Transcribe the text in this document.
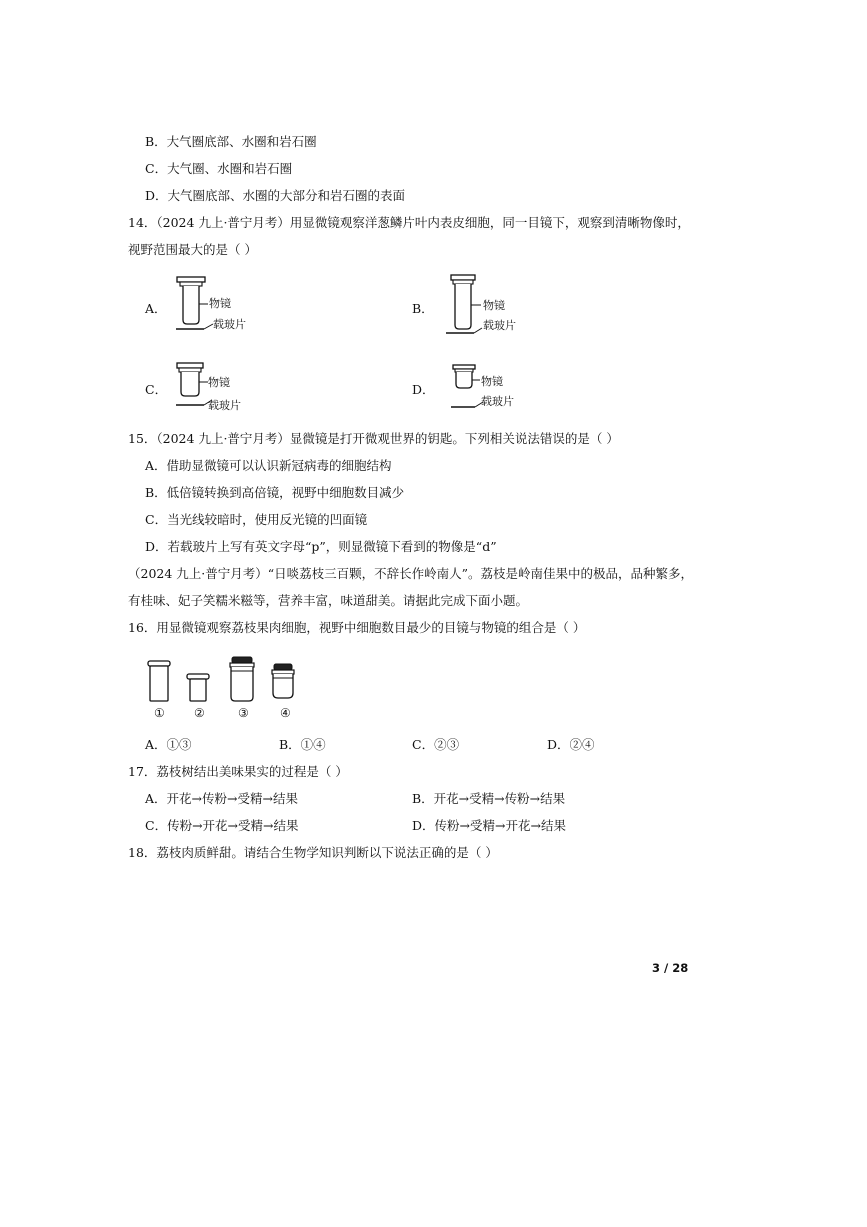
B．大气圈底部、水圈和岩石圈
C．大气圈、水圈和岩石圈
D．大气圈底部、水圈的大部分和岩石圈的表面
14．（2024 九上·普宁月考）用显微镜观察洋葱鳞片叶内表皮细胞，同一目镜下，观察到清晰物像时，
视野范围最大的是（ ）
A．	物镜
载玻片
B．	物镜
载玻片
C．	物镜
载玻片
D．
物镜
载玻片
15．（2024 九上·普宁月考）显微镜是打开微观世界的钥匙。下列相关说法错误的是（ ）
A．借助显微镜可以认识新冠病毒的细胞结构
B．低倍镜转换到高倍镜，视野中细胞数目减少
C．当光线较暗时，使用反光镜的凹面镜
D．若载玻片上写有英文字母“p”，则显微镜下看到的物像是“d”
（2024 九上·普宁月考）“日啖荔枝三百颗，不辞长作岭南人”。荔枝是岭南佳果中的极品，品种繁多，
有桂味、妃子笑糯米糍等，营养丰富，味道甜美。请据此完成下面小题。
16．用显微镜观察荔枝果肉细胞，视野中细胞数目最少的目镜与物镜的组合是（ ）
① ②	③	④
A．①③	B．①④	C．②③	D．②④
17．荔枝树结出美味果实的过程是（ ）
A．开花→传粉→受精→结果	B．开花→受精→传粉→结果
C．传粉→开花→受精→结果	D．传粉→受精→开花→结果
18．荔枝肉质鲜甜。请结合生物学知识判断以下说法正确的是（ ）
3 / 28
